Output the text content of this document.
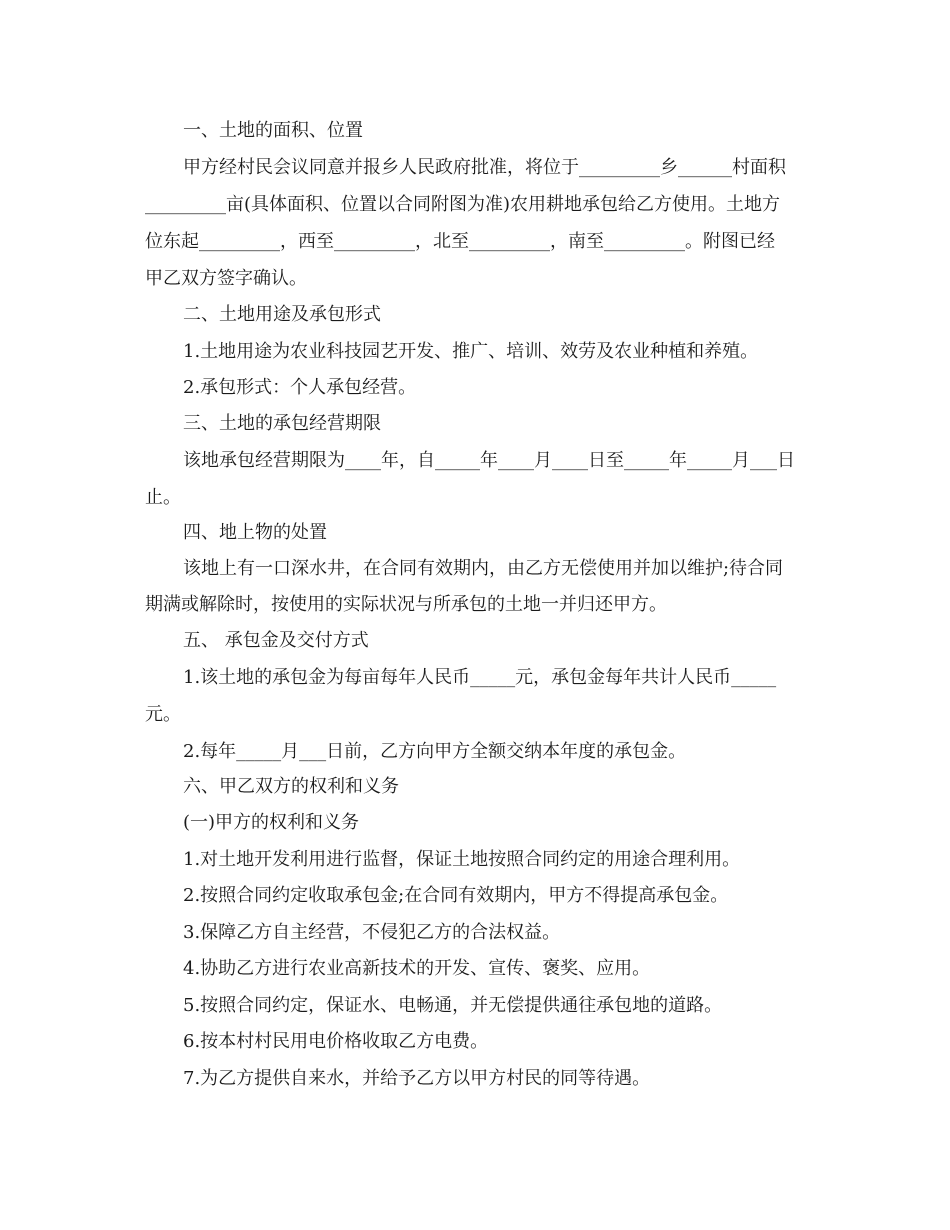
一、土地的面积、位置

甲方经村民会议同意并报乡人民政府批准，将位于_________乡______村面积

_________亩(具体面积、位置以合同附图为准)农用耕地承包给乙方使用。土地方

位东起_________，西至_________，北至_________，南至_________。附图已经

甲乙双方签字确认。

二、土地用途及承包形式

1.土地用途为农业科技园艺开发、推广、培训、效劳及农业种植和养殖。

2.承包形式：个人承包经营。

三、土地的承包经营期限

该地承包经营期限为____年，自_____年____月____日至_____年_____月___日

止。

四、地上物的处置

该地上有一口深水井，在合同有效期内，由乙方无偿使用并加以维护;待合同

期满或解除时，按使用的实际状况与所承包的土地一并归还甲方。

五、 承包金及交付方式

1.该土地的承包金为每亩每年人民币_____元，承包金每年共计人民币_____

元。

2.每年_____月___日前，乙方向甲方全额交纳本年度的承包金。

六、甲乙双方的权利和义务

(一)甲方的权利和义务

1.对土地开发利用进行监督，保证土地按照合同约定的用途合理利用。

2.按照合同约定收取承包金;在合同有效期内，甲方不得提高承包金。

3.保障乙方自主经营，不侵犯乙方的合法权益。

4.协助乙方进行农业高新技术的开发、宣传、褒奖、应用。

5.按照合同约定，保证水、电畅通，并无偿提供通往承包地的道路。

6.按本村村民用电价格收取乙方电费。

7.为乙方提供自来水，并给予乙方以甲方村民的同等待遇。
